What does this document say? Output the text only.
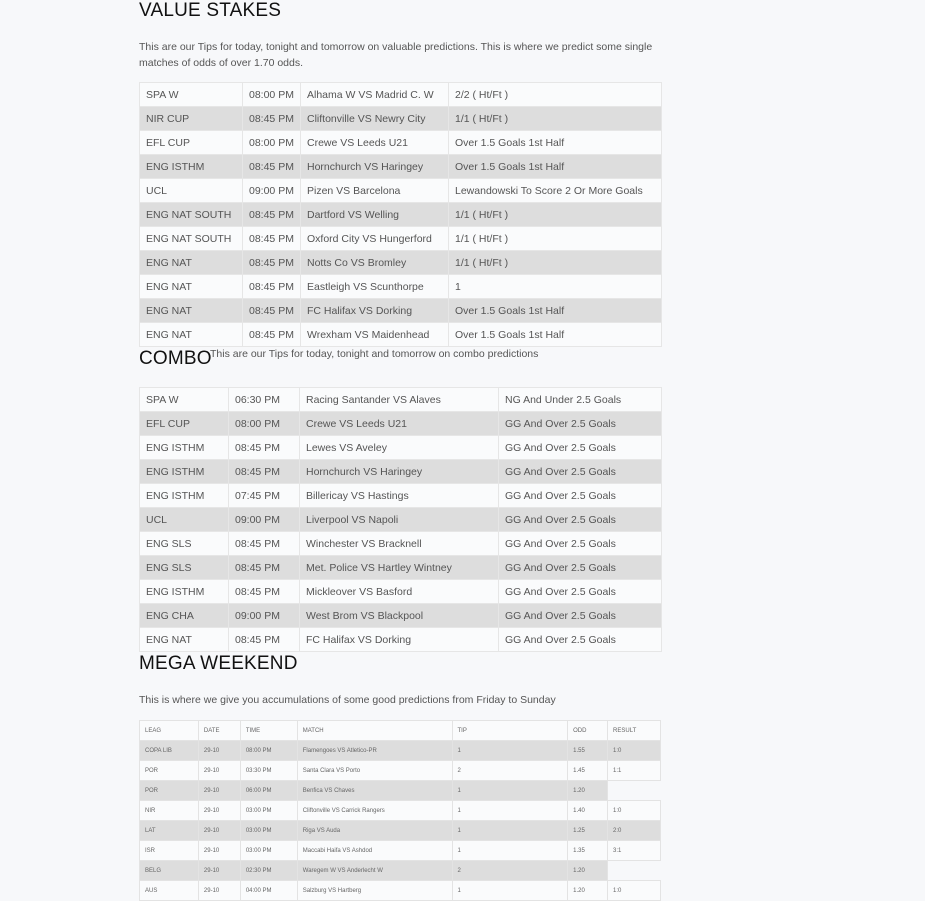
VALUE STAKES

This are our Tips for today, tonight and tomorrow on valuable predictions. This is where we predict some single matches of odds of over 1.70 odds.

SPA W	08:00 PM	Alhama W VS Madrid C. W	2/2 ( Ht/Ft )
NIR CUP	08:45 PM	Cliftonville VS Newry City	1/1 ( Ht/Ft )
EFL CUP	08:00 PM	Crewe VS Leeds U21	Over 1.5 Goals 1st Half
ENG ISTHM	08:45 PM	Hornchurch VS Haringey	Over 1.5 Goals 1st Half
UCL	09:00 PM	Pizen VS Barcelona	Lewandowski To Score 2 Or More Goals
ENG NAT SOUTH	08:45 PM	Dartford VS Welling	1/1 ( Ht/Ft )
ENG NAT SOUTH	08:45 PM	Oxford City VS Hungerford	1/1 ( Ht/Ft )
ENG NAT	08:45 PM	Notts Co VS Bromley	1/1 ( Ht/Ft )
ENG NAT	08:45 PM	Eastleigh VS Scunthorpe	1
ENG NAT	08:45 PM	FC Halifax VS Dorking	Over 1.5 Goals 1st Half
ENG NAT	08:45 PM	Wrexham VS Maidenhead	Over 1.5 Goals 1st Half
COMBO

This are our Tips for today, tonight and tomorrow on combo predictions

SPA W	06:30 PM	Racing Santander VS Alaves	NG And Under 2.5 Goals
EFL CUP	08:00 PM	Crewe VS Leeds U21	GG And Over 2.5 Goals
ENG ISTHM	08:45 PM	Lewes VS Aveley	GG And Over 2.5 Goals
ENG ISTHM	08:45 PM	Hornchurch VS Haringey	GG And Over 2.5 Goals
ENG ISTHM	07:45 PM	Billericay VS Hastings	GG And Over 2.5 Goals
UCL	09:00 PM	Liverpool VS Napoli	GG And Over 2.5 Goals
ENG SLS	08:45 PM	Winchester VS Bracknell	GG And Over 2.5 Goals
ENG SLS	08:45 PM	Met. Police VS Hartley Wintney	GG And Over 2.5 Goals
ENG ISTHM	08:45 PM	Mickleover VS Basford	GG And Over 2.5 Goals
ENG CHA	09:00 PM	West Brom VS Blackpool	GG And Over 2.5 Goals
ENG NAT	08:45 PM	FC Halifax VS Dorking	GG And Over 2.5 Goals
MEGA WEEKEND

This is where we give you accumulations of some good predictions from Friday to Sunday

LEAG	DATE	TIME	MATCH	TIP	ODD	RESULT
COPA LIB	29-10	08:00 PM	Flamengoes VS Atletico-PR	1	1.55	1:0
POR	29-10	03:30 PM	Santa Clara VS Porto	2	1.45	1:1
POR	29-10	06:00 PM	Benfica VS Chaves	1	1.20	
NIR	29-10	03:00 PM	Cliftonville VS Carrick Rangers	1	1.40	1:0
LAT	29-10	03:00 PM	Riga VS Auda	1	1.25	2:0
ISR	29-10	03:00 PM	Maccabi Haifa VS Ashdod	1	1.35	3:1
BELG	29-10	02:30 PM	Waregem W VS Anderlecht W	2	1.20	
AUS	29-10	04:00 PM	Salzburg VS Hartberg	1	1.20	1:0
